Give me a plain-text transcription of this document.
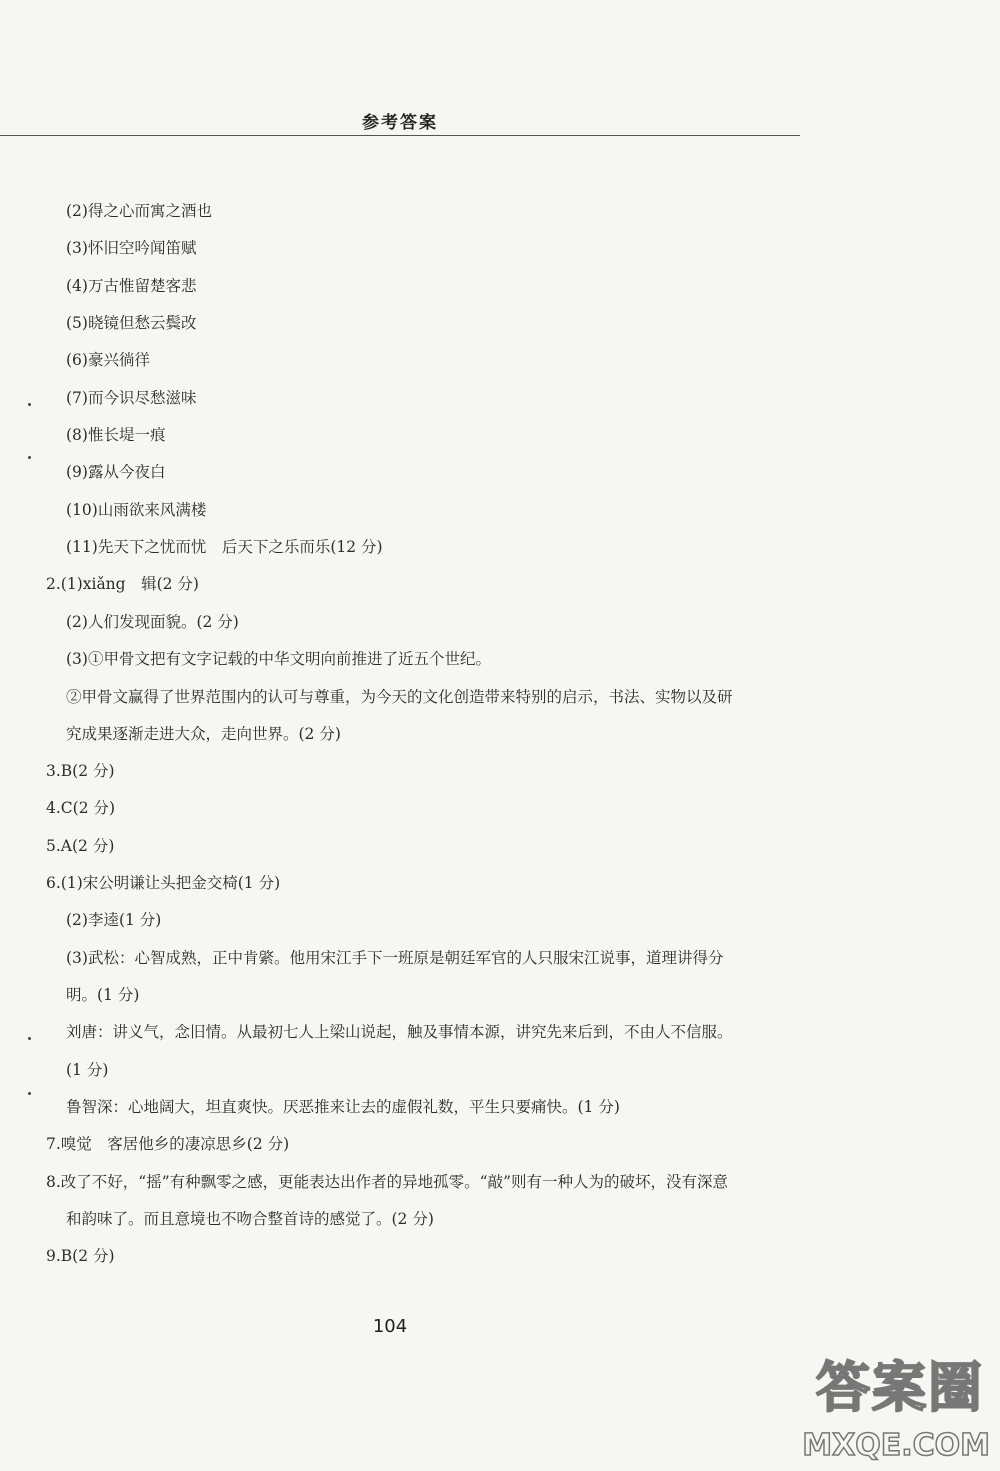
参考答案
(2)得之心而寓之酒也
(3)怀旧空吟闻笛赋
(4)万古惟留楚客悲
(5)晓镜但愁云鬓改
(6)豪兴徜徉
(7)而今识尽愁滋味
(8)惟长堤一痕
(9)露从今夜白
(10)山雨欲来风满楼
(11)先天下之忧而忧　后天下之乐而乐(12 分)
2.(1)xiǎng　辑(2 分)
(2)人们发现面貌。(2 分)
(3)①甲骨文把有文字记载的中华文明向前推进了近五个世纪。
②甲骨文赢得了世界范围内的认可与尊重，为今天的文化创造带来特别的启示，书法、实物以及研
究成果逐渐走进大众，走向世界。(2 分)
3.B(2 分)
4.C(2 分)
5.A(2 分)
6.(1)宋公明谦让头把金交椅(1 分)
(2)李逵(1 分)
(3)武松：心智成熟，正中肯綮。他用宋江手下一班原是朝廷军官的人只服宋江说事，道理讲得分
明。(1 分)
刘唐：讲义气，念旧情。从最初七人上梁山说起，触及事情本源，讲究先来后到，不由人不信服。
(1 分)
鲁智深：心地阔大，坦直爽快。厌恶推来让去的虚假礼数，平生只要痛快。(1 分)
7.嗅觉　客居他乡的凄凉思乡(2 分)
8.改了不好，“摇”有种飘零之感，更能表达出作者的异地孤零。“敲”则有一种人为的破坏，没有深意
和韵味了。而且意境也不吻合整首诗的感觉了。(2 分)
9.B(2 分)
104
答案圈
MXQE.COM
